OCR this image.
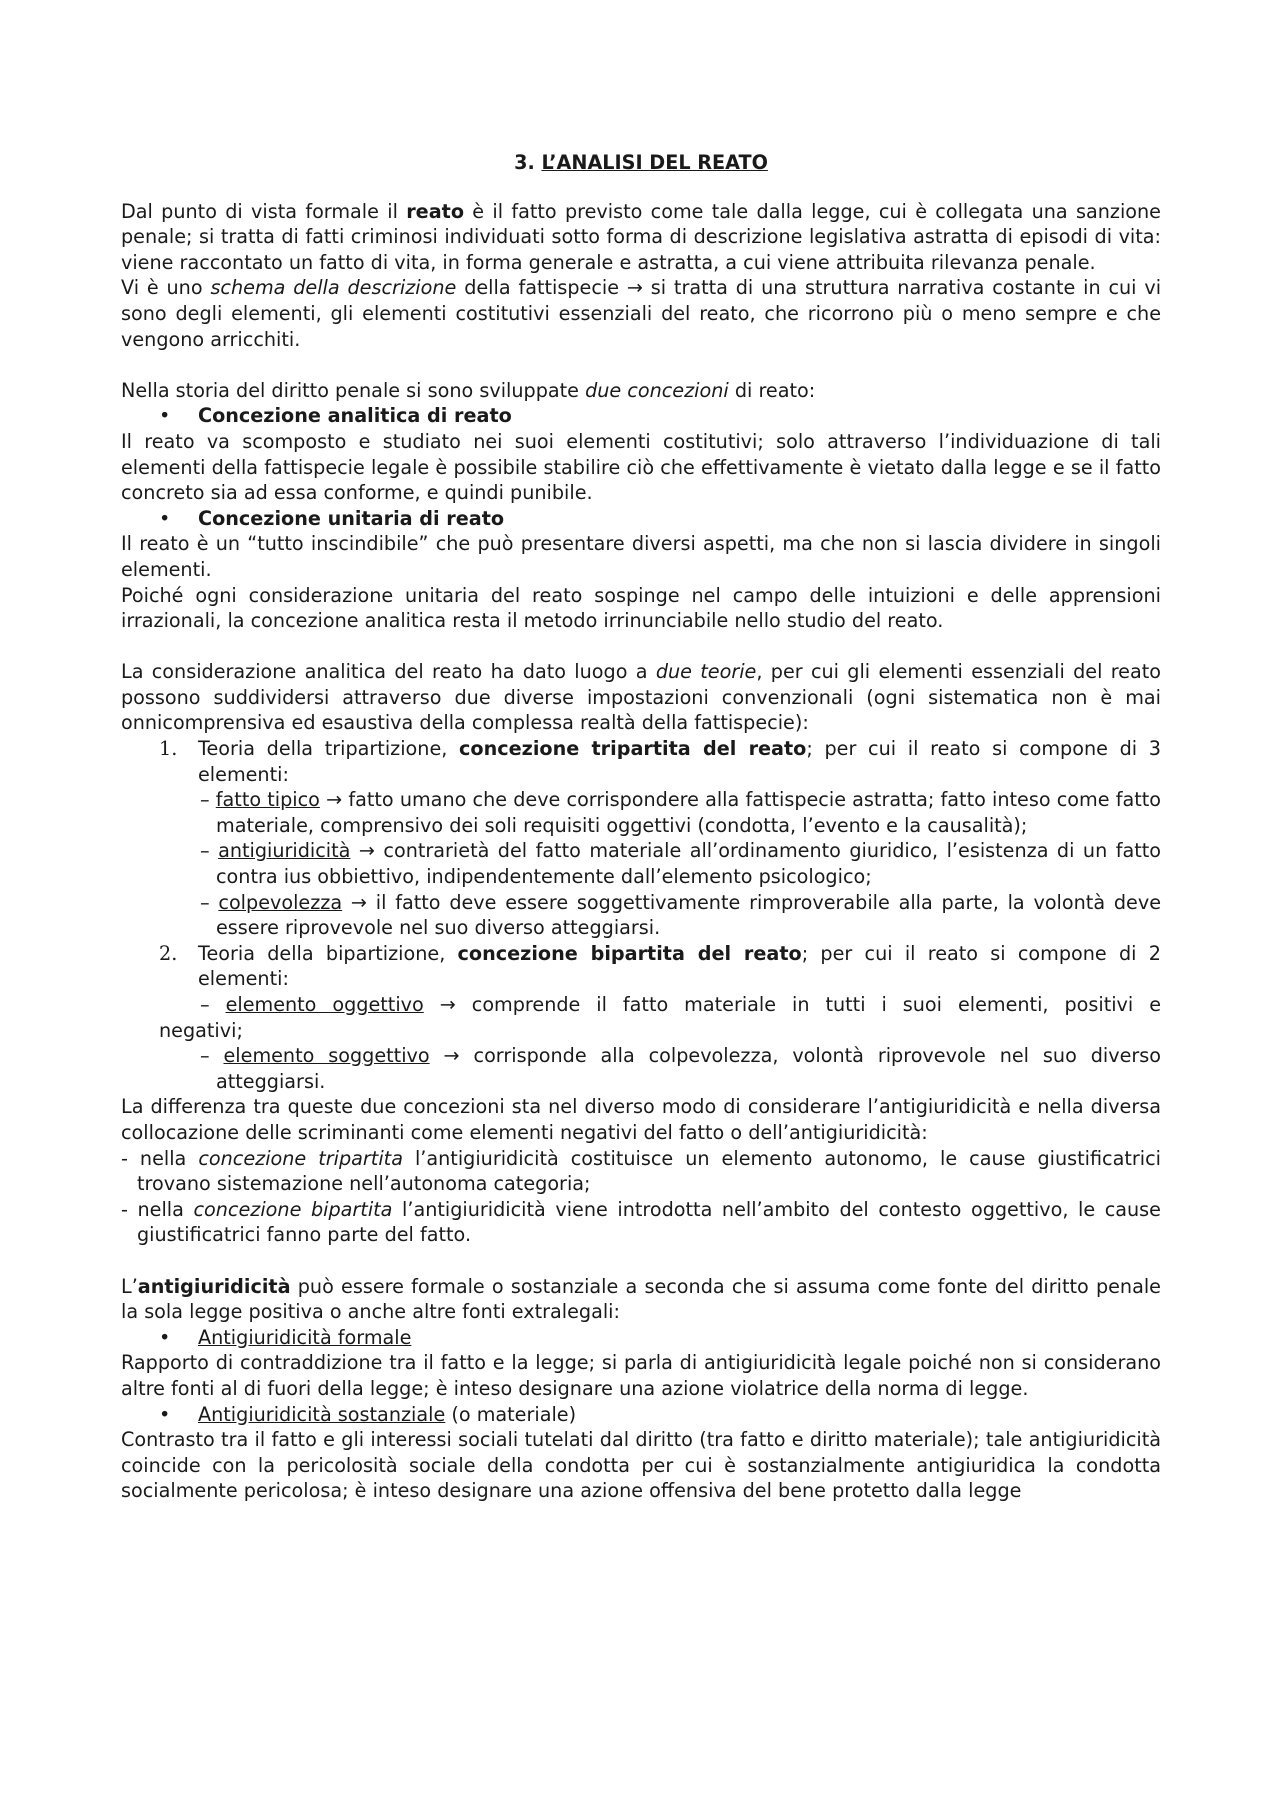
3. L’ANALISI DEL REATO

Dal punto di vista formale il reato è il fatto previsto come tale dalla legge, cui è collegata una sanzione penale; si tratta di fatti criminosi individuati sotto forma di descrizione legislativa astratta di episodi di vita: viene raccontato un fatto di vita, in forma generale e astratta, a cui viene attribuita rilevanza penale.

Vi è uno schema della descrizione della fattispecie → si tratta di una struttura narrativa costante in cui vi sono degli elementi, gli elementi costitutivi essenziali del reato, che ricorrono più o meno sempre e che vengono arricchiti.

Nella storia del diritto penale si sono sviluppate due concezioni di reato:

• Concezione analitica di reato

Il reato va scomposto e studiato nei suoi elementi costitutivi; solo attraverso l’individuazione di tali elementi della fattispecie legale è possibile stabilire ciò che effettivamente è vietato dalla legge e se il fatto concreto sia ad essa conforme, e quindi punibile.

• Concezione unitaria di reato

Il reato è un “tutto inscindibile” che può presentare diversi aspetti, ma che non si lascia dividere in singoli elementi.

Poiché ogni considerazione unitaria del reato sospinge nel campo delle intuizioni e delle apprensioni irrazionali, la concezione analitica resta il metodo irrinunciabile nello studio del reato.

La considerazione analitica del reato ha dato luogo a due teorie, per cui gli elementi essenziali del reato possono suddividersi attraverso due diverse impostazioni convenzionali (ogni sistematica non è mai onnicomprensiva ed esaustiva della complessa realtà della fattispecie):

1. Teoria della tripartizione, concezione tripartita del reato; per cui il reato si compone di 3 elementi:

– fatto tipico → fatto umano che deve corrispondere alla fattispecie astratta; fatto inteso come fatto materiale, comprensivo dei soli requisiti oggettivi (condotta, l’evento e la causalità);

– antigiuridicità → contrarietà del fatto materiale all’ordinamento giuridico, l’esistenza di un fatto contra ius obbiettivo, indipendentemente dall’elemento psicologico;

– colpevolezza → il fatto deve essere soggettivamente rimproverabile alla parte, la volontà deve essere riprovevole nel suo diverso atteggiarsi.

2. Teoria della bipartizione, concezione bipartita del reato; per cui il reato si compone di 2 elementi:

– elemento oggettivo → comprende il fatto materiale in tutti i suoi elementi, positivi e

negativi;

– elemento soggettivo → corrisponde alla colpevolezza, volontà riprovevole nel suo diverso atteggiarsi.

La differenza tra queste due concezioni sta nel diverso modo di considerare l’antigiuridicità e nella diversa collocazione delle scriminanti come elementi negativi del fatto o dell’antigiuridicità:

- nella concezione tripartita l’antigiuridicità costituisce un elemento autonomo, le cause giustificatrici trovano sistemazione nell’autonoma categoria;

- nella concezione bipartita l’antigiuridicità viene introdotta nell’ambito del contesto oggettivo, le cause giustificatrici fanno parte del fatto.

L’antigiuridicità può essere formale o sostanziale a seconda che si assuma come fonte del diritto penale la sola legge positiva o anche altre fonti extralegali:

• Antigiuridicità formale

Rapporto di contraddizione tra il fatto e la legge; si parla di antigiuridicità legale poiché non si considerano altre fonti al di fuori della legge; è inteso designare una azione violatrice della norma di legge.

• Antigiuridicità sostanziale (o materiale)

Contrasto tra il fatto e gli interessi sociali tutelati dal diritto (tra fatto e diritto materiale); tale antigiuridicità coincide con la pericolosità sociale della condotta per cui è sostanzialmente antigiuridica la condotta socialmente pericolosa; è inteso designare una azione offensiva del bene protetto dalla legge
